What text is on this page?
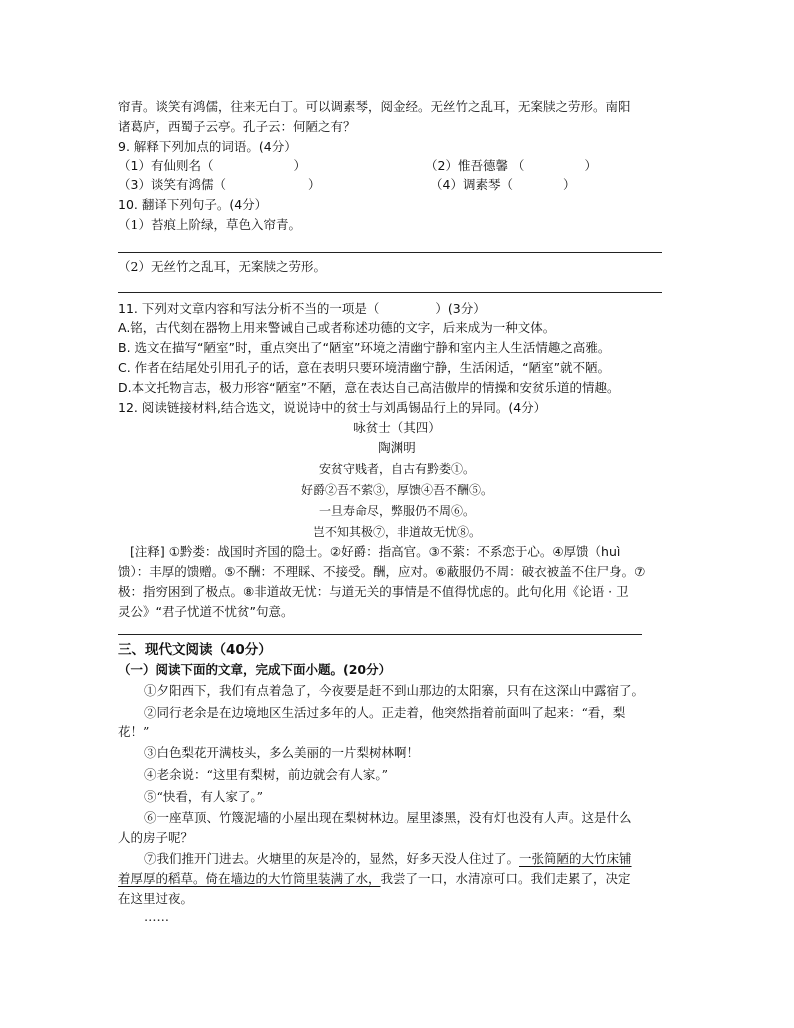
帘青。谈笑有鸿儒，往来无白丁。可以调素琴，阅金经。无丝竹之乱耳，无案牍之劳形。南阳
诸葛庐，西蜀子云亭。孔子云：何陋之有？
9. 解释下列加点的词语。(4分）
（1）有仙则名（	）	（2）惟吾德馨 （	）
（3）谈笑有鸿儒（	）	（4）调素琴（	）
10. 翻译下列句子。(4分）
（1）苔痕上阶绿，草色入帘青。
（2）无丝竹之乱耳，无案牍之劳形。
11. 下列对文章内容和写法分析不当的一项是（	）(3分）
A.铭，古代刻在器物上用来警诫自己或者称述功德的文字，后来成为一种文体。
B. 选文在描写“陋室”时，重点突出了“陋室”环境之清幽宁静和室内主人生活情趣之高雅。
C. 作者在结尾处引用孔子的话，意在表明只要环境清幽宁静，生活闲适，“陋室”就不陋。
D.本文托物言志，极力形容“陋室”不陋，意在表达自己高洁傲岸的情操和安贫乐道的情趣。
12. 阅读链接材料,结合选文，说说诗中的贫士与刘禹锡品行上的异同。(4分）
咏贫士（其四）
陶渊明
安贫守贱者，自古有黔娄①。
好爵②吾不萦③，厚馈④吾不酬⑤。
一旦寿命尽，弊服仍不周⑥。
岂不知其极⑦，非道故无忧⑧。
[注释] ①黔娄：战国时齐国的隐士。②好爵：指高官。③不萦：不系恋于心。④厚馈（huì
馈）：丰厚的馈赠。⑤不酬：不理睬、不接受。酬，应对。⑥蔽服仍不周：破衣被盖不住尸身。⑦
极：指穷困到了极点。⑧非道故无忧：与道无关的事情是不值得忧虑的。此句化用《论语 · 卫
灵公》“君子忧道不忧贫”句意。
三、现代文阅读（40分）
（一）阅读下面的文章，完成下面小题。(20分）
①夕阳西下，我们有点着急了，今夜要是赶不到山那边的太阳寨，只有在这深山中露宿了。
②同行老余是在边境地区生活过多年的人。正走着，他突然指着前面叫了起来：“看，梨
花！”
③白色梨花开满枝头，多么美丽的一片梨树林啊！
④老余说：“这里有梨树，前边就会有人家。”
⑤“快看，有人家了。”
⑥一座草顶、竹篾泥墙的小屋出现在梨树林边。屋里漆黑，没有灯也没有人声。这是什么
人的房子呢？
⑦我们推开门进去。火塘里的灰是冷的，显然，好多天没人住过了。一张简陋的大竹床铺
着厚厚的稻草。倚在墙边的大竹筒里装满了水，我尝了一口，水清凉可口。我们走累了，决定
在这里过夜。
……
